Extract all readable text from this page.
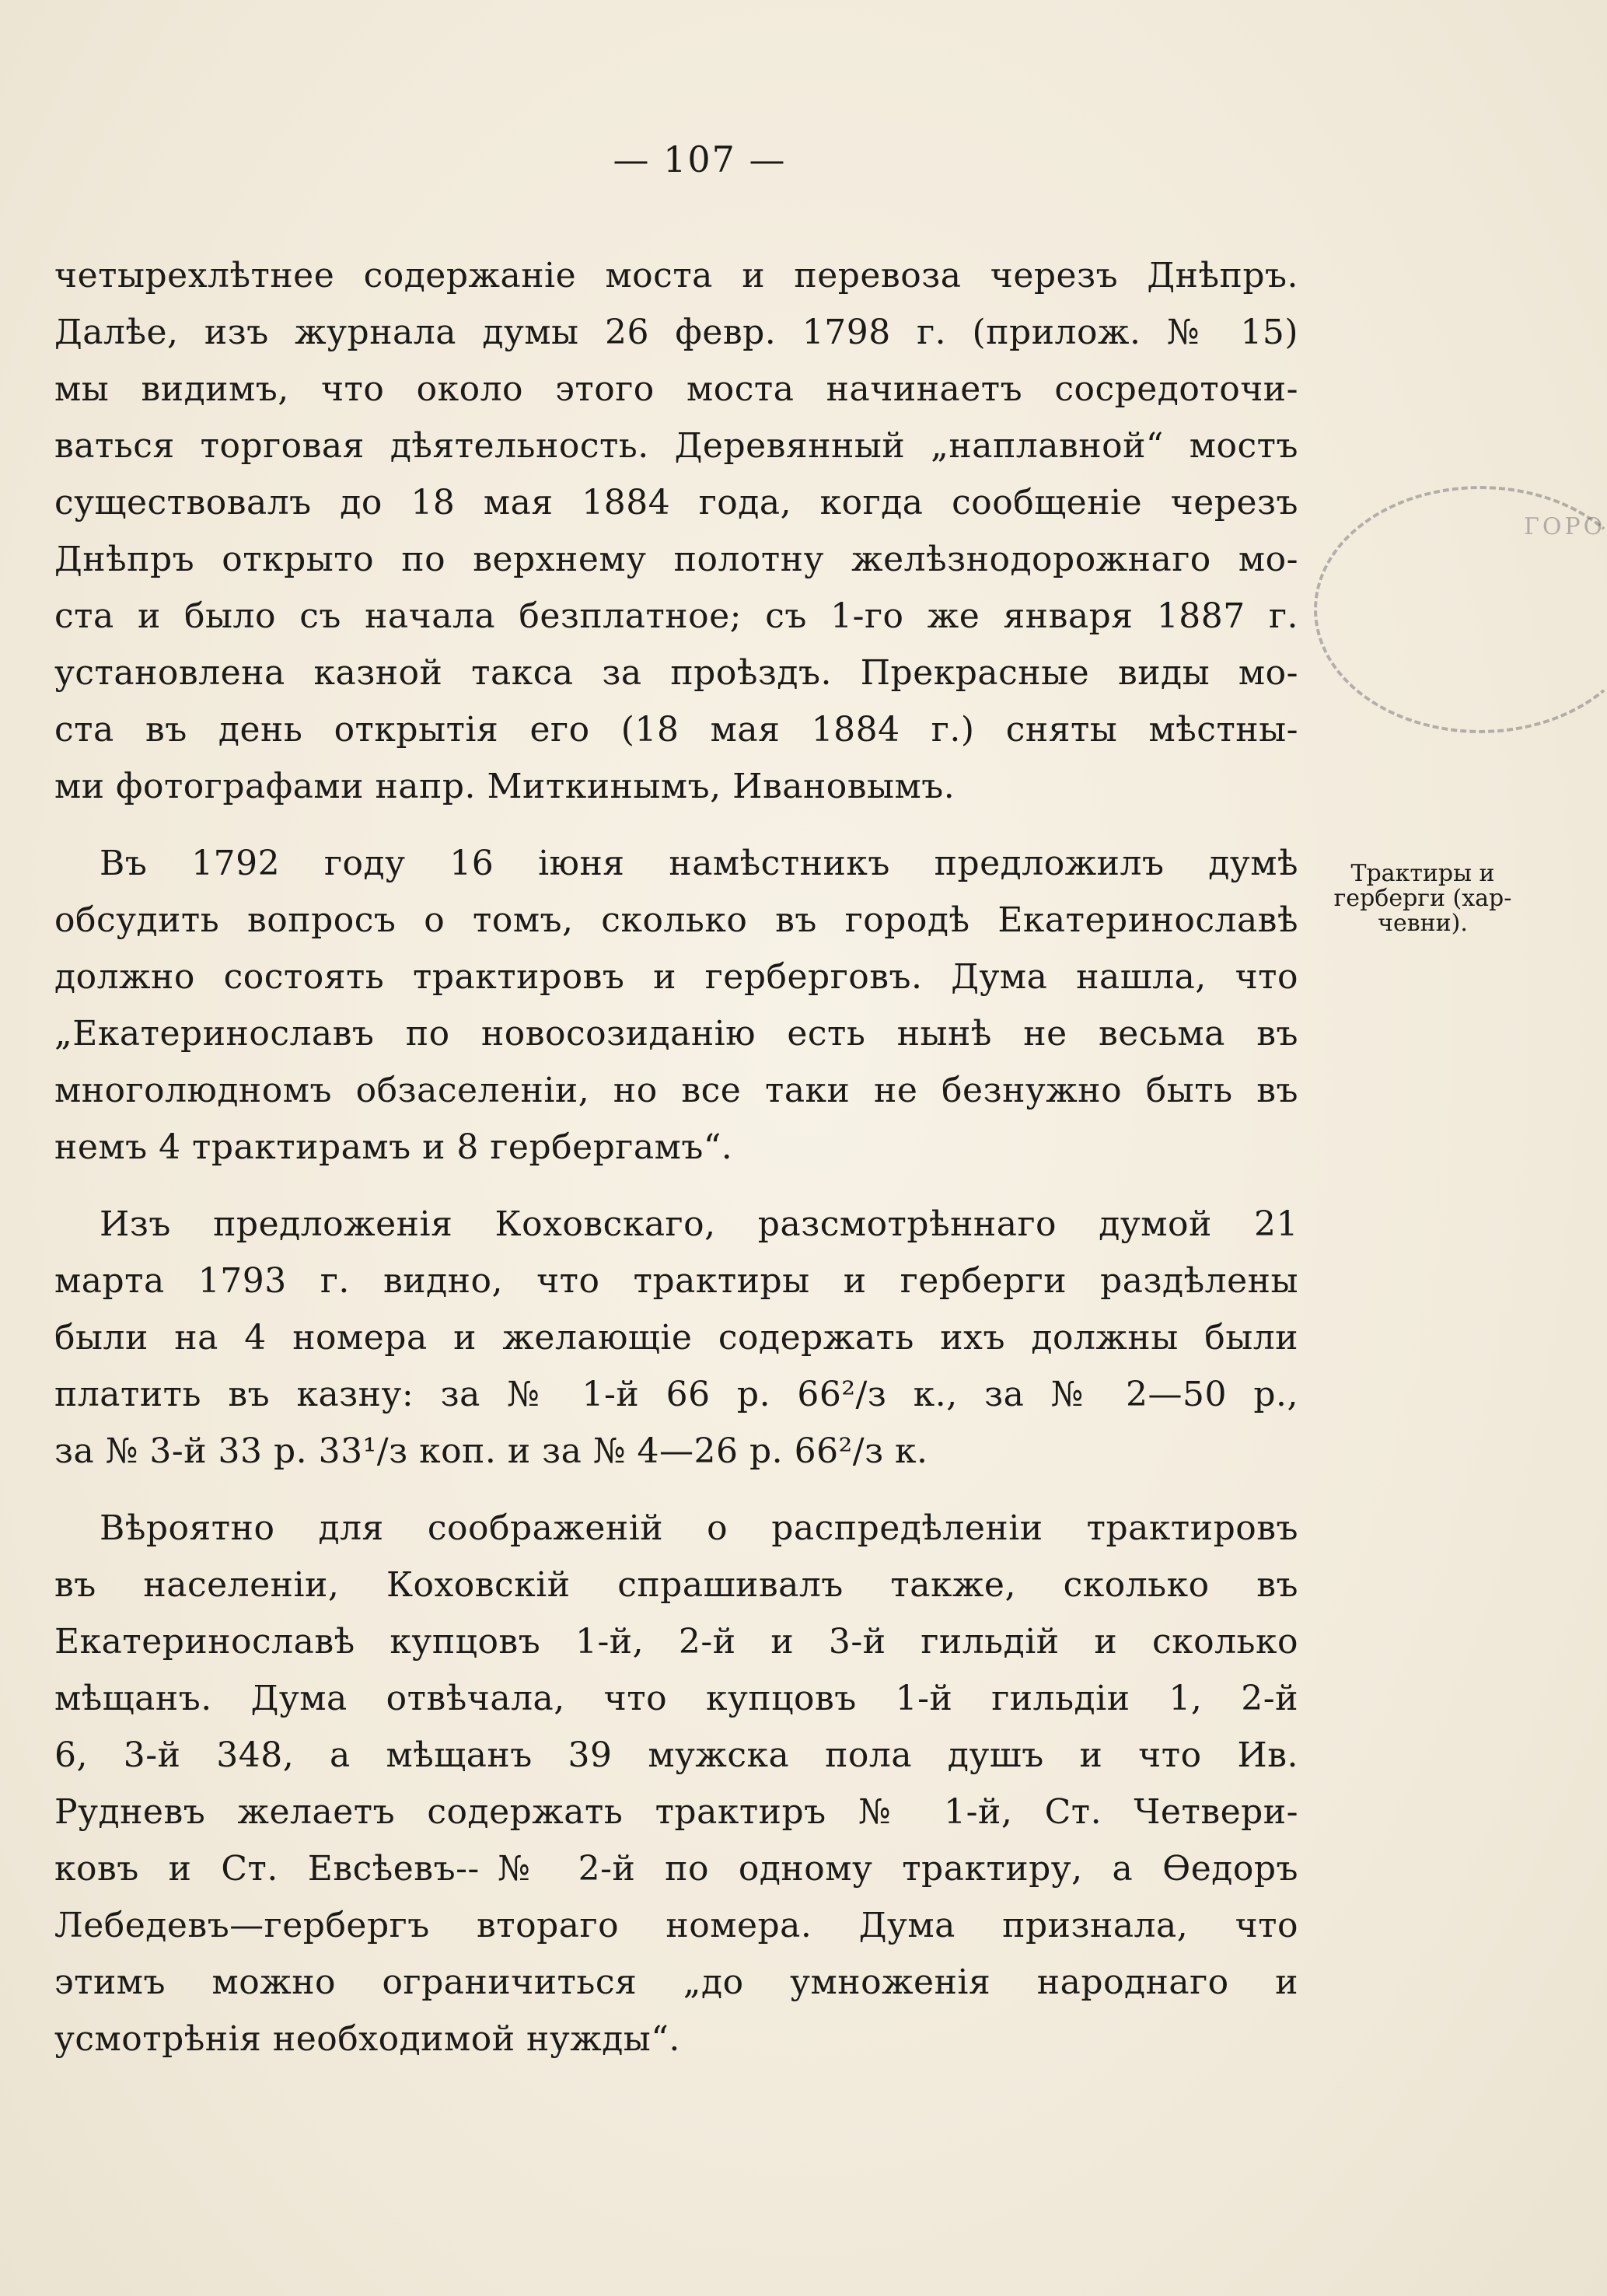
— 107 —
ГОРО
четырехлѣтнее содержанiе моста и перевоза черезъ Днѣпръ.
Далѣе, изъ журнала думы 26 февр. 1798 г. (прилож. № 15)
мы видимъ, что около этого моста начинаетъ сосредоточи-
ваться торговая дѣятельность. Деревянный „наплавной“ мостъ
существовалъ до 18 мая 1884 года, когда сообщенiе черезъ
Днѣпръ открыто по верхнему полотну желѣзнодорожнаго мо-
ста и было съ начала безплатное; съ 1-го же января 1887 г.
установлена казной такса за проѣздъ. Прекрасные виды мо-
ста въ день открытiя его (18 мая 1884 г.) сняты мѣстны-
ми фотографами напр. Миткинымъ, Ивановымъ.
Въ 1792 году 16 iюня намѣстникъ предложилъ думѣ
обсудить вопросъ о томъ, сколько въ городѣ Екатеринославѣ
должно состоять трактировъ и герберговъ. Дума нашла, что
„Екатеринославъ по новосозиданiю есть нынѣ не весьма въ
многолюдномъ обзаселенiи, но все таки не безнужно быть въ
немъ 4 трактирамъ и 8 гербергамъ“.
Изъ предложенiя Коховскаго, разсмотрѣннаго думой 21
марта 1793 г. видно, что трактиры и герберги раздѣлены
были на 4 номера и желающiе содержать ихъ должны были
платить въ казну: за № 1-й 66 р. 66²/з к., за № 2—50 р.,
за № 3-й 33 р. 33¹/з коп. и за № 4—26 р. 66²/з к.
Вѣроятно для соображенiй о распредѣленiи трактировъ
въ населенiи, Коховскiй спрашивалъ также, сколько въ
Екатеринославѣ купцовъ 1-й, 2-й и 3-й гильдiй и сколько
мѣщанъ. Дума отвѣчала, что купцовъ 1-й гильдiи 1, 2-й
6, 3-й 348, а мѣщанъ 39 мужска пола душъ и что Ив.
Рудневъ желаетъ содержать трактиръ № 1-й, Ст. Четвери-
ковъ и Ст. Евсѣевъ--№ 2-й по одному трактиру, а Ѳедоръ
Лебедевъ—гербергъ втораго номера. Дума признала, что
этимъ можно ограничиться „до умноженiя народнаго и
усмотрѣнiя необходимой нужды“.
Трактиры и
герберги (хар-
чевни).
